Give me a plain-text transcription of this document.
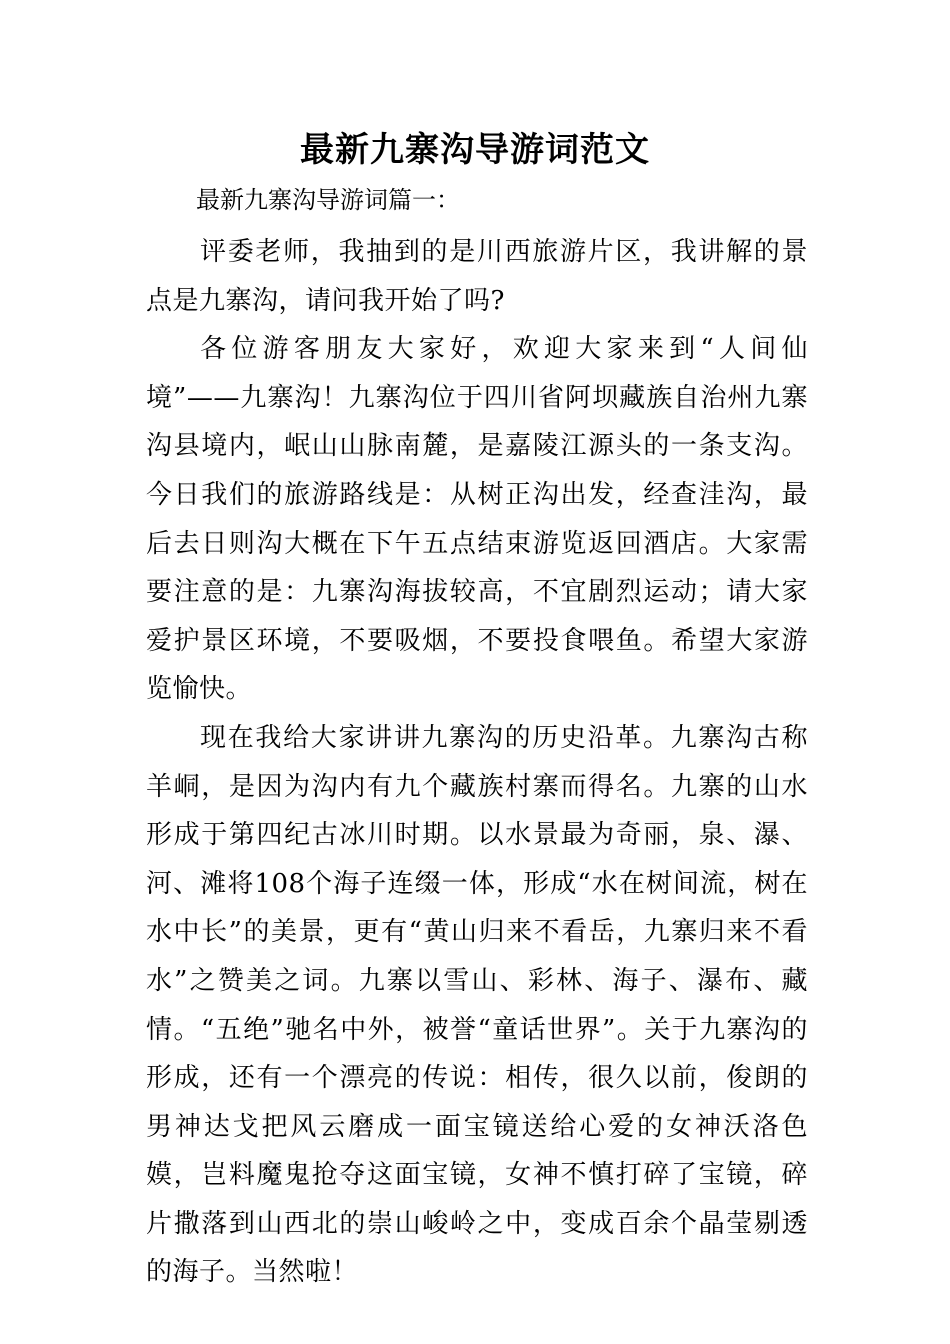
最新九寨沟导游词范文
最新九寨沟导游词篇一：

评委老师，我抽到的是川西旅游片区，我讲解的景点是九寨沟，请问我开始了吗?

各位游客朋友大家好，欢迎大家来到“人间仙境”——九寨沟！九寨沟位于四川省阿坝藏族自治州九寨沟县境内，岷山山脉南麓，是嘉陵江源头的一条支沟。今日我们的旅游路线是：从树正沟出发，经查洼沟，最后去日则沟大概在下午五点结束游览返回酒店。大家需要注意的是：九寨沟海拔较高，不宜剧烈运动；请大家爱护景区环境，不要吸烟，不要投食喂鱼。希望大家游览愉快。

现在我给大家讲讲九寨沟的历史沿革。九寨沟古称羊峒，是因为沟内有九个藏族村寨而得名。九寨的山水形成于第四纪古冰川时期。以水景最为奇丽，泉、瀑、河、滩将108个海子连缀一体，形成“水在树间流，树在水中长”的美景，更有“黄山归来不看岳，九寨归来不看水”之赞美之词。九寨以雪山、彩林、海子、瀑布、藏情。“五绝”驰名中外，被誉“童话世界”。关于九寨沟的形成，还有一个漂亮的传说：相传，很久以前，俊朗的男神达戈把风云磨成一面宝镜送给心爱的女神沃洛色嫫，岂料魔鬼抢夺这面宝镜，女神不慎打碎了宝镜，碎片撒落到山西北的崇山峻岭之中，变成百余个晶莹剔透的海子。当然啦！
